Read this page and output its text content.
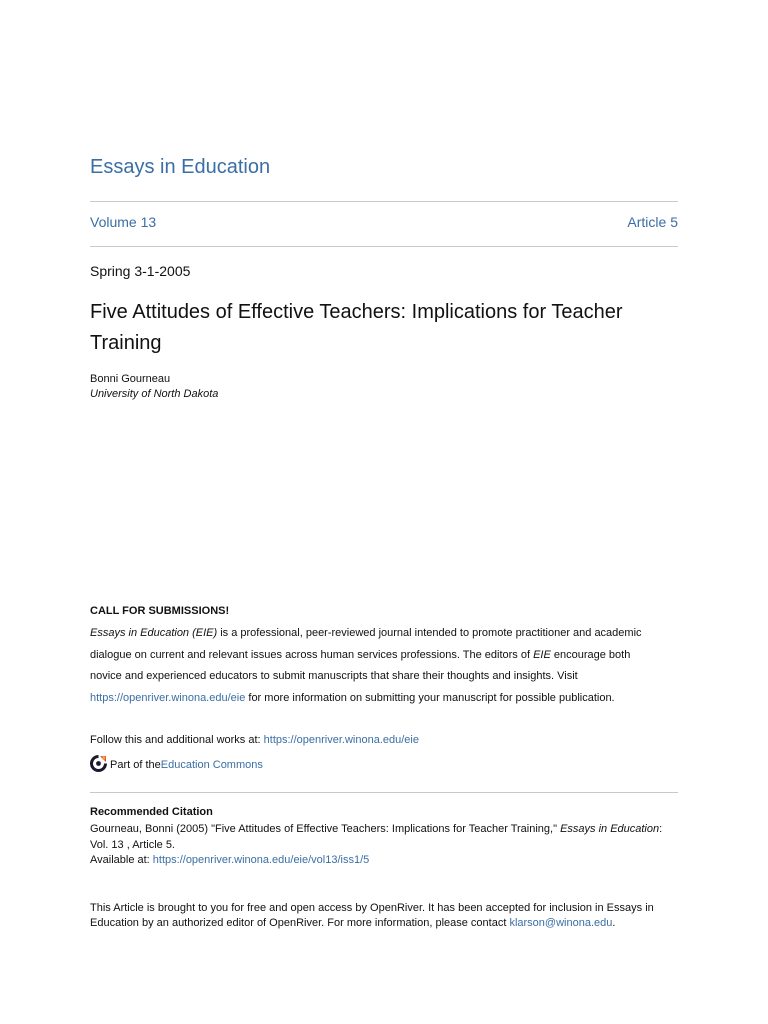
Essays in Education
Volume 13	Article 5
Spring 3-1-2005
Five Attitudes of Effective Teachers: Implications for Teacher Training
Bonni Gourneau
University of North Dakota
CALL FOR SUBMISSIONS!
Essays in Education (EIE) is a professional, peer-reviewed journal intended to promote practitioner and academic
dialogue on current and relevant issues across human services professions. The editors of EIE encourage both
novice and experienced educators to submit manuscripts that share their thoughts and insights. Visit
https://openriver.winona.edu/eie for more information on submitting your manuscript for possible publication.
Follow this and additional works at: https://openriver.winona.edu/eie
Part of the Education Commons
Recommended Citation
Gourneau, Bonni (2005) "Five Attitudes of Effective Teachers: Implications for Teacher Training," Essays in Education:
Vol. 13 , Article 5.
Available at: https://openriver.winona.edu/eie/vol13/iss1/5
This Article is brought to you for free and open access by OpenRiver. It has been accepted for inclusion in Essays in
Education by an authorized editor of OpenRiver. For more information, please contact klarson@winona.edu.
